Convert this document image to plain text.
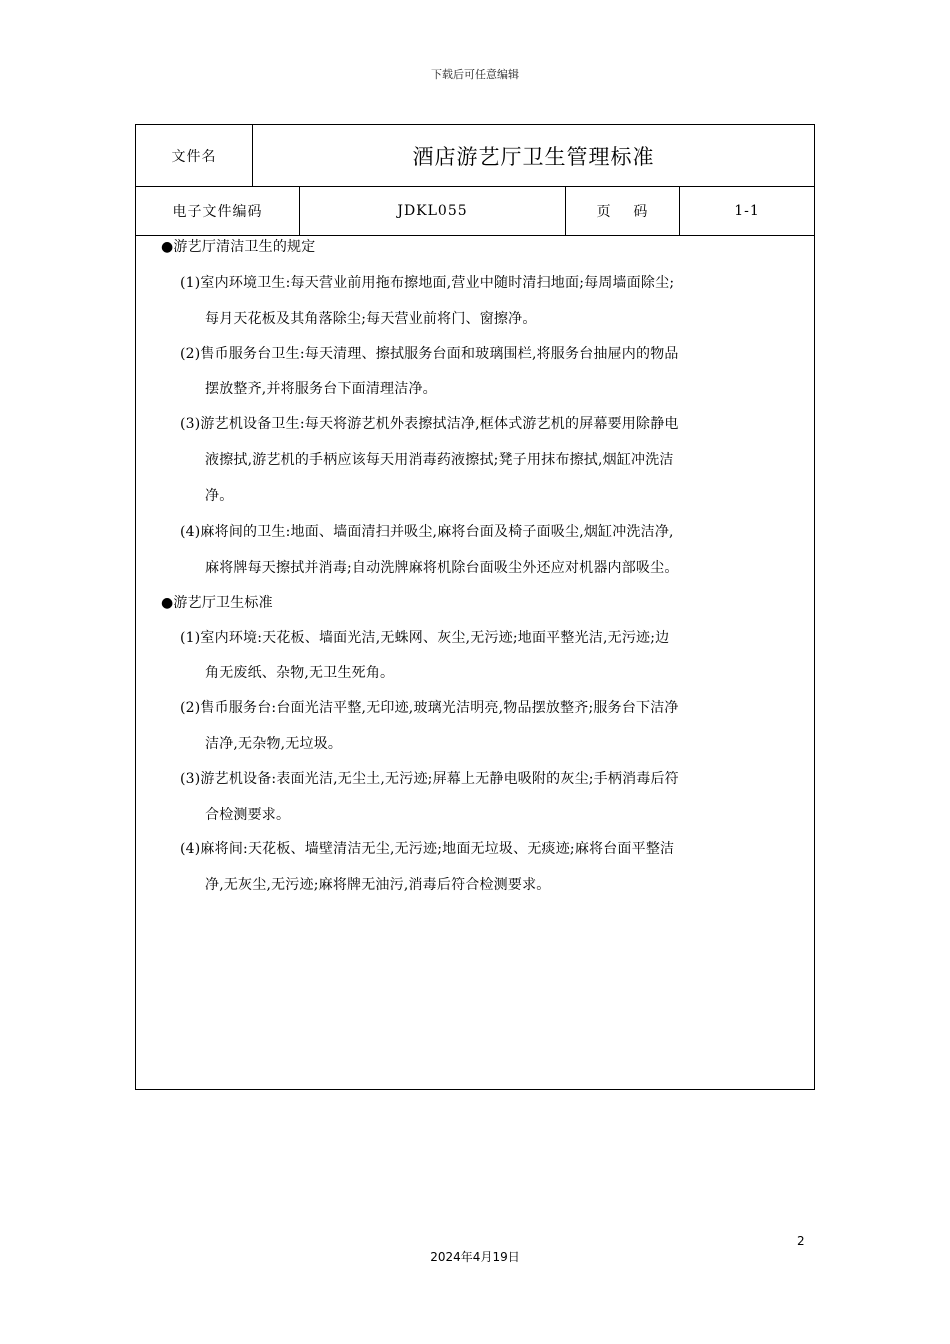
下载后可任意编辑
文件名	酒店游艺厅卫生管理标准
电子文件编码	JDKL055	页    码	1-1
●游艺厅清洁卫生的规定
(1)室内环境卫生:每天营业前用拖布擦地面,营业中随时清扫地面;每周墙面除尘;
每月天花板及其角落除尘;每天营业前将门、窗擦净。
(2)售币服务台卫生:每天清理、擦拭服务台面和玻璃围栏,将服务台抽屉内的物品
摆放整齐,并将服务台下面清理洁净。
(3)游艺机设备卫生:每天将游艺机外表擦拭洁净,框体式游艺机的屏幕要用除静电
液擦拭,游艺机的手柄应该每天用消毒药液擦拭;凳子用抹布擦拭,烟缸冲洗洁
净。
(4)麻将间的卫生:地面、墙面清扫并吸尘,麻将台面及椅子面吸尘,烟缸冲洗洁净,
麻将牌每天擦拭并消毒;自动洗牌麻将机除台面吸尘外还应对机器内部吸尘。
●游艺厅卫生标准
(1)室内环境:天花板、墙面光洁,无蛛网、灰尘,无污迹;地面平整光洁,无污迹;边
角无废纸、杂物,无卫生死角。
(2)售币服务台:台面光洁平整,无印迹,玻璃光洁明亮,物品摆放整齐;服务台下洁净
洁净,无杂物,无垃圾。
(3)游艺机设备:表面光洁,无尘土,无污迹;屏幕上无静电吸附的灰尘;手柄消毒后符
合检测要求。
(4)麻将间:天花板、墙壁清洁无尘,无污迹;地面无垃圾、无痰迹;麻将台面平整洁
净,无灰尘,无污迹;麻将牌无油污,消毒后符合检测要求。
2
2024年4月19日
